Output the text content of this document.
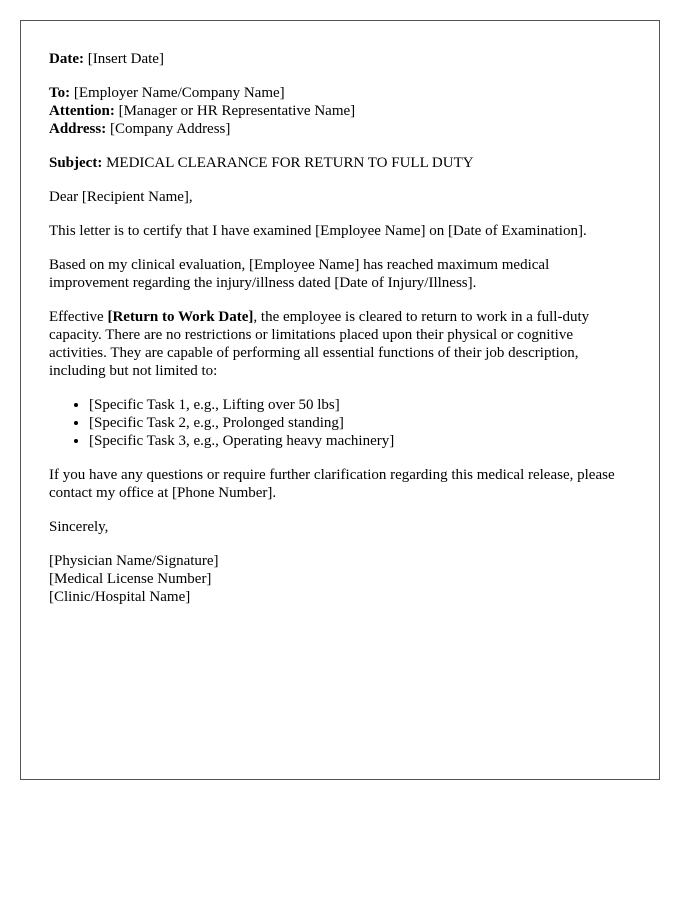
Date: [Insert Date]
To: [Employer Name/Company Name]
Attention: [Manager or HR Representative Name]
Address: [Company Address]
Subject: MEDICAL CLEARANCE FOR RETURN TO FULL DUTY
Dear [Recipient Name],
This letter is to certify that I have examined [Employee Name] on [Date of Examination].
Based on my clinical evaluation, [Employee Name] has reached maximum medical improvement regarding the injury/illness dated [Date of Injury/Illness].
Effective [Return to Work Date], the employee is cleared to return to work in a full-duty capacity. There are no restrictions or limitations placed upon their physical or cognitive activities. They are capable of performing all essential functions of their job description, including but not limited to:
• [Specific Task 1, e.g., Lifting over 50 lbs]
• [Specific Task 2, e.g., Prolonged standing]
• [Specific Task 3, e.g., Operating heavy machinery]
If you have any questions or require further clarification regarding this medical release, please contact my office at [Phone Number].
Sincerely,
[Physician Name/Signature]
[Medical License Number]
[Clinic/Hospital Name]
